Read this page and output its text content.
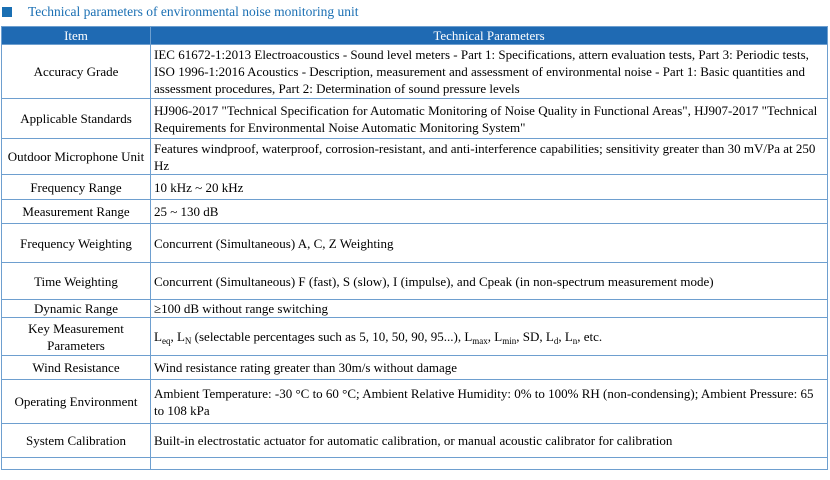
Technical parameters of environmental noise monitoring unit
Item	Technical Parameters
Accuracy Grade	IEC 61672-1:2013 Electroacoustics - Sound level meters - Part 1: Specifications, attern evaluation tests, Part 3: Periodic tests, ISO 1996-1:2016 Acoustics - Description, measurement and assessment of environmental noise - Part 1: Basic quantities and assessment procedures, Part 2: Determination of sound pressure levels
Applicable Standards	HJ906-2017 "Technical Specification for Automatic Monitoring of Noise Quality in Functional Areas", HJ907-2017 "Technical Requirements for Environmental Noise Automatic Monitoring System"
Outdoor Microphone Unit	Features windproof, waterproof, corrosion-resistant, and anti-interference capabilities; sensitivity greater than 30 mV/Pa at 250 Hz
Frequency Range	10 kHz ~ 20 kHz
Measurement Range	25 ~ 130 dB
Frequency Weighting	Concurrent (Simultaneous) A, C, Z Weighting
Time Weighting	Concurrent (Simultaneous) F (fast), S (slow), I (impulse), and Cpeak (in non-spectrum measurement mode)
Dynamic Range	≥100 dB without range switching
Key Measurement Parameters	$L_{eq}$, $L_N$ (selectable percentages such as 5, 10, 50, 90, 95...), $L_{max}$, $L_{min}$, SD, $L_d$, $L_n$, etc.
Wind Resistance	Wind resistance rating greater than 30m/s without damage
Operating Environment	Ambient Temperature: -30 °C to 60 °C; Ambient Relative Humidity: 0% to 100% RH (non-condensing); Ambient Pressure: 65 to 108 kPa
System Calibration	Built-in electrostatic actuator for automatic calibration, or manual acoustic calibrator for calibration
